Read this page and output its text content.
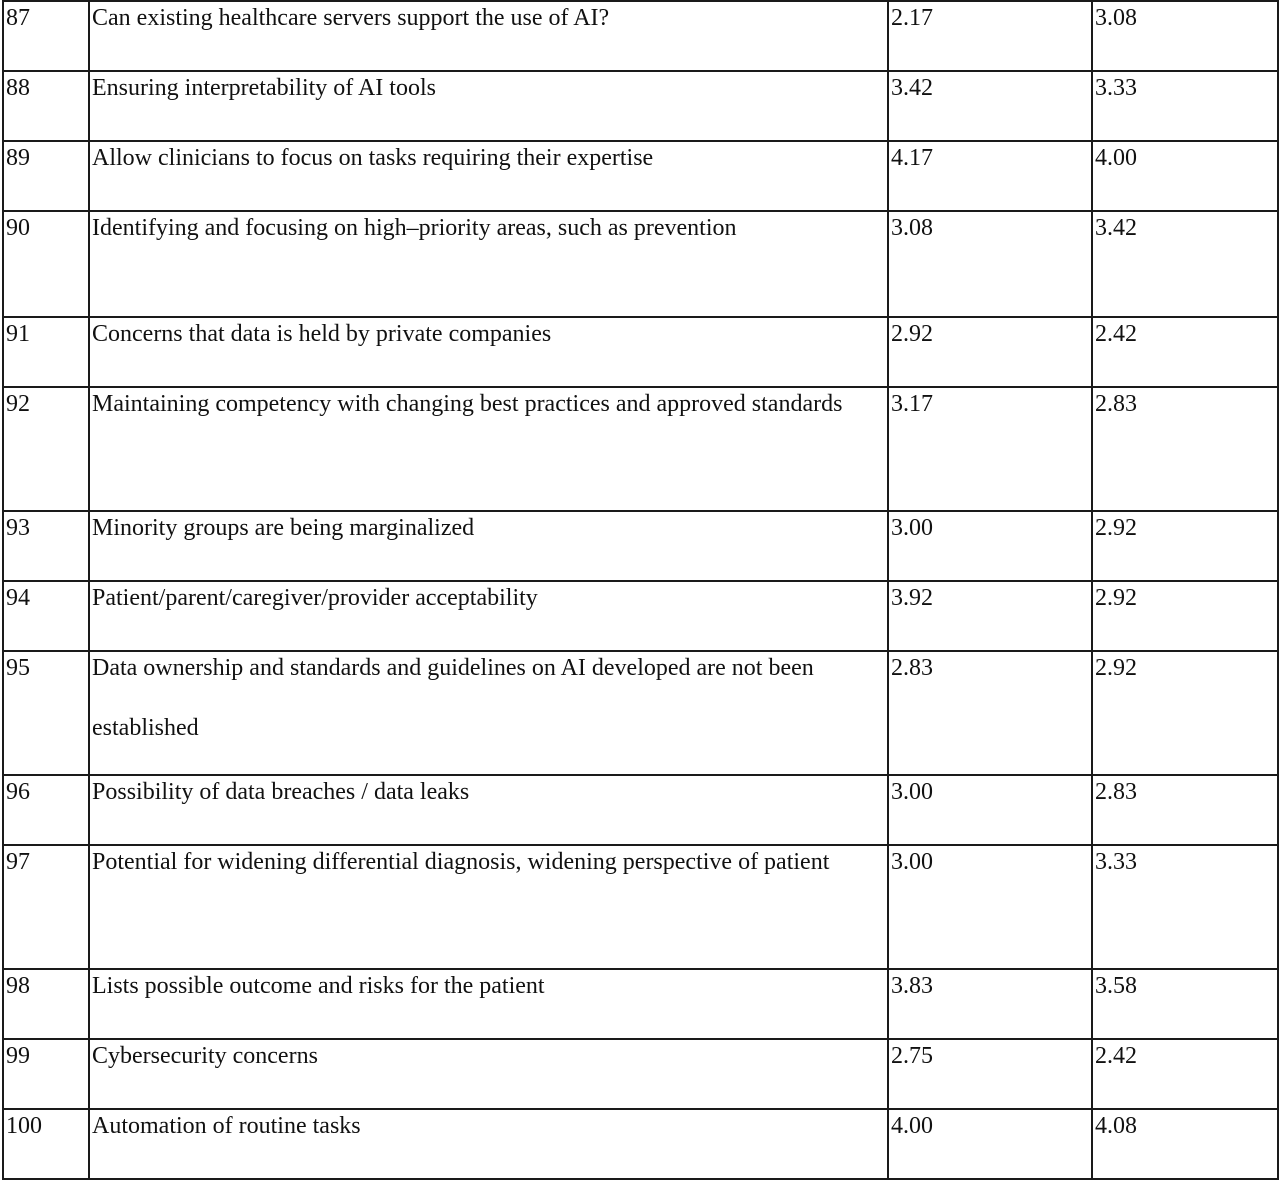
87	Can existing healthcare servers support the use of AI?	2.17	3.08

88	Ensuring interpretability of AI tools	3.42	3.33

89	Allow clinicians to focus on tasks requiring their expertise	4.17	4.00

90	Identifying and focusing on high–priority areas, such as prevention	3.08	3.42

91	Concerns that data is held by private companies	2.92	2.42

92	Maintaining competency with changing best practices and approved standards	3.17	2.83

93	Minority groups are being marginalized	3.00	2.92

94	Patient/parent/caregiver/provider acceptability	3.92	2.92

95	Data ownership and standards and guidelines on AI developed are not been established	2.83	2.92

96	Possibility of data breaches / data leaks	3.00	2.83

97	Potential for widening differential diagnosis, widening perspective of patient	3.00	3.33

98	Lists possible outcome and risks for the patient	3.83	3.58

99	Cybersecurity concerns	2.75	2.42

100	Automation of routine tasks	4.00	4.08
